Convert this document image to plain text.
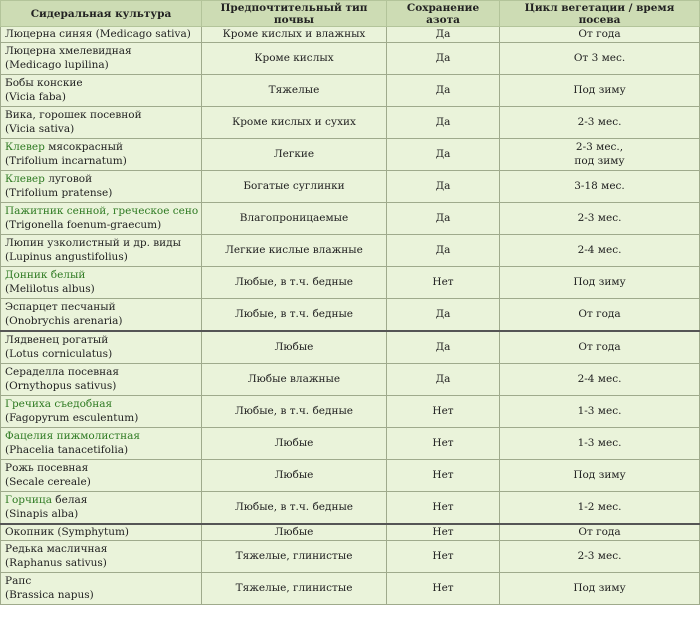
Сидеральная культура	Предпочтительный тип почвы	Сохранение азота	Цикл вегетации / время посева

Люцерна синяя (Medicago sativa)	Кроме кислых и влажных	Да	От года

Люцерна хмелевидная
(Medicago lupilina)	Кроме кислых	Да	От 3 мес.

Бобы конские
(Vicia faba)	Тяжелые	Да	Под зиму

Вика, горошек посевной
(Vicia sativa)	Кроме кислых и сухих	Да	2-3 мес.

Клевер мясокрасный
(Trifolium incarnatum)	Легкие	Да	2-3 мес.,
под зиму

Клевер луговой
(Trifolium pratense)	Богатые суглинки	Да	3-18 мес.

Пажитник сенной, греческое сено
(Trigonella foenum-graecum)	Влагопроницаемые	Да	2-3 мес.

Люпин узколистный и др. виды
(Lupinus angustifolius)	Легкие кислые влажные	Да	2-4 мес.

Донник белый
(Melilotus albus)	Любые, в т.ч. бедные	Нет	Под зиму

Эспарцет песчаный
(Onobrychis arenaria)	Любые, в т.ч. бедные	Да	От года

Лядвенец рогатый
(Lotus corniculatus)	Любые	Да	От года

Сераделла посевная
(Ornythopus sativus)	Любые влажные	Да	2-4 мес.

Гречиха съедобная
(Fagopyrum esculentum)	Любые, в т.ч. бедные	Нет	1-3 мес.

Фацелия пижмолистная
(Phacelia tanacetifolia)	Любые	Нет	1-3 мес.

Рожь посевная
(Secale cereale)	Любые	Нет	Под зиму

Горчица белая
(Sinapis alba)	Любые, в т.ч. бедные	Нет	1-2 мес.

Окопник (Symphytum)	Любые	Нет	От года

Редька масличная
(Raphanus sativus)	Тяжелые, глинистые	Нет	2-3 мес.

Рапс
(Brassica napus)	Тяжелые, глинистые	Нет	Под зиму
